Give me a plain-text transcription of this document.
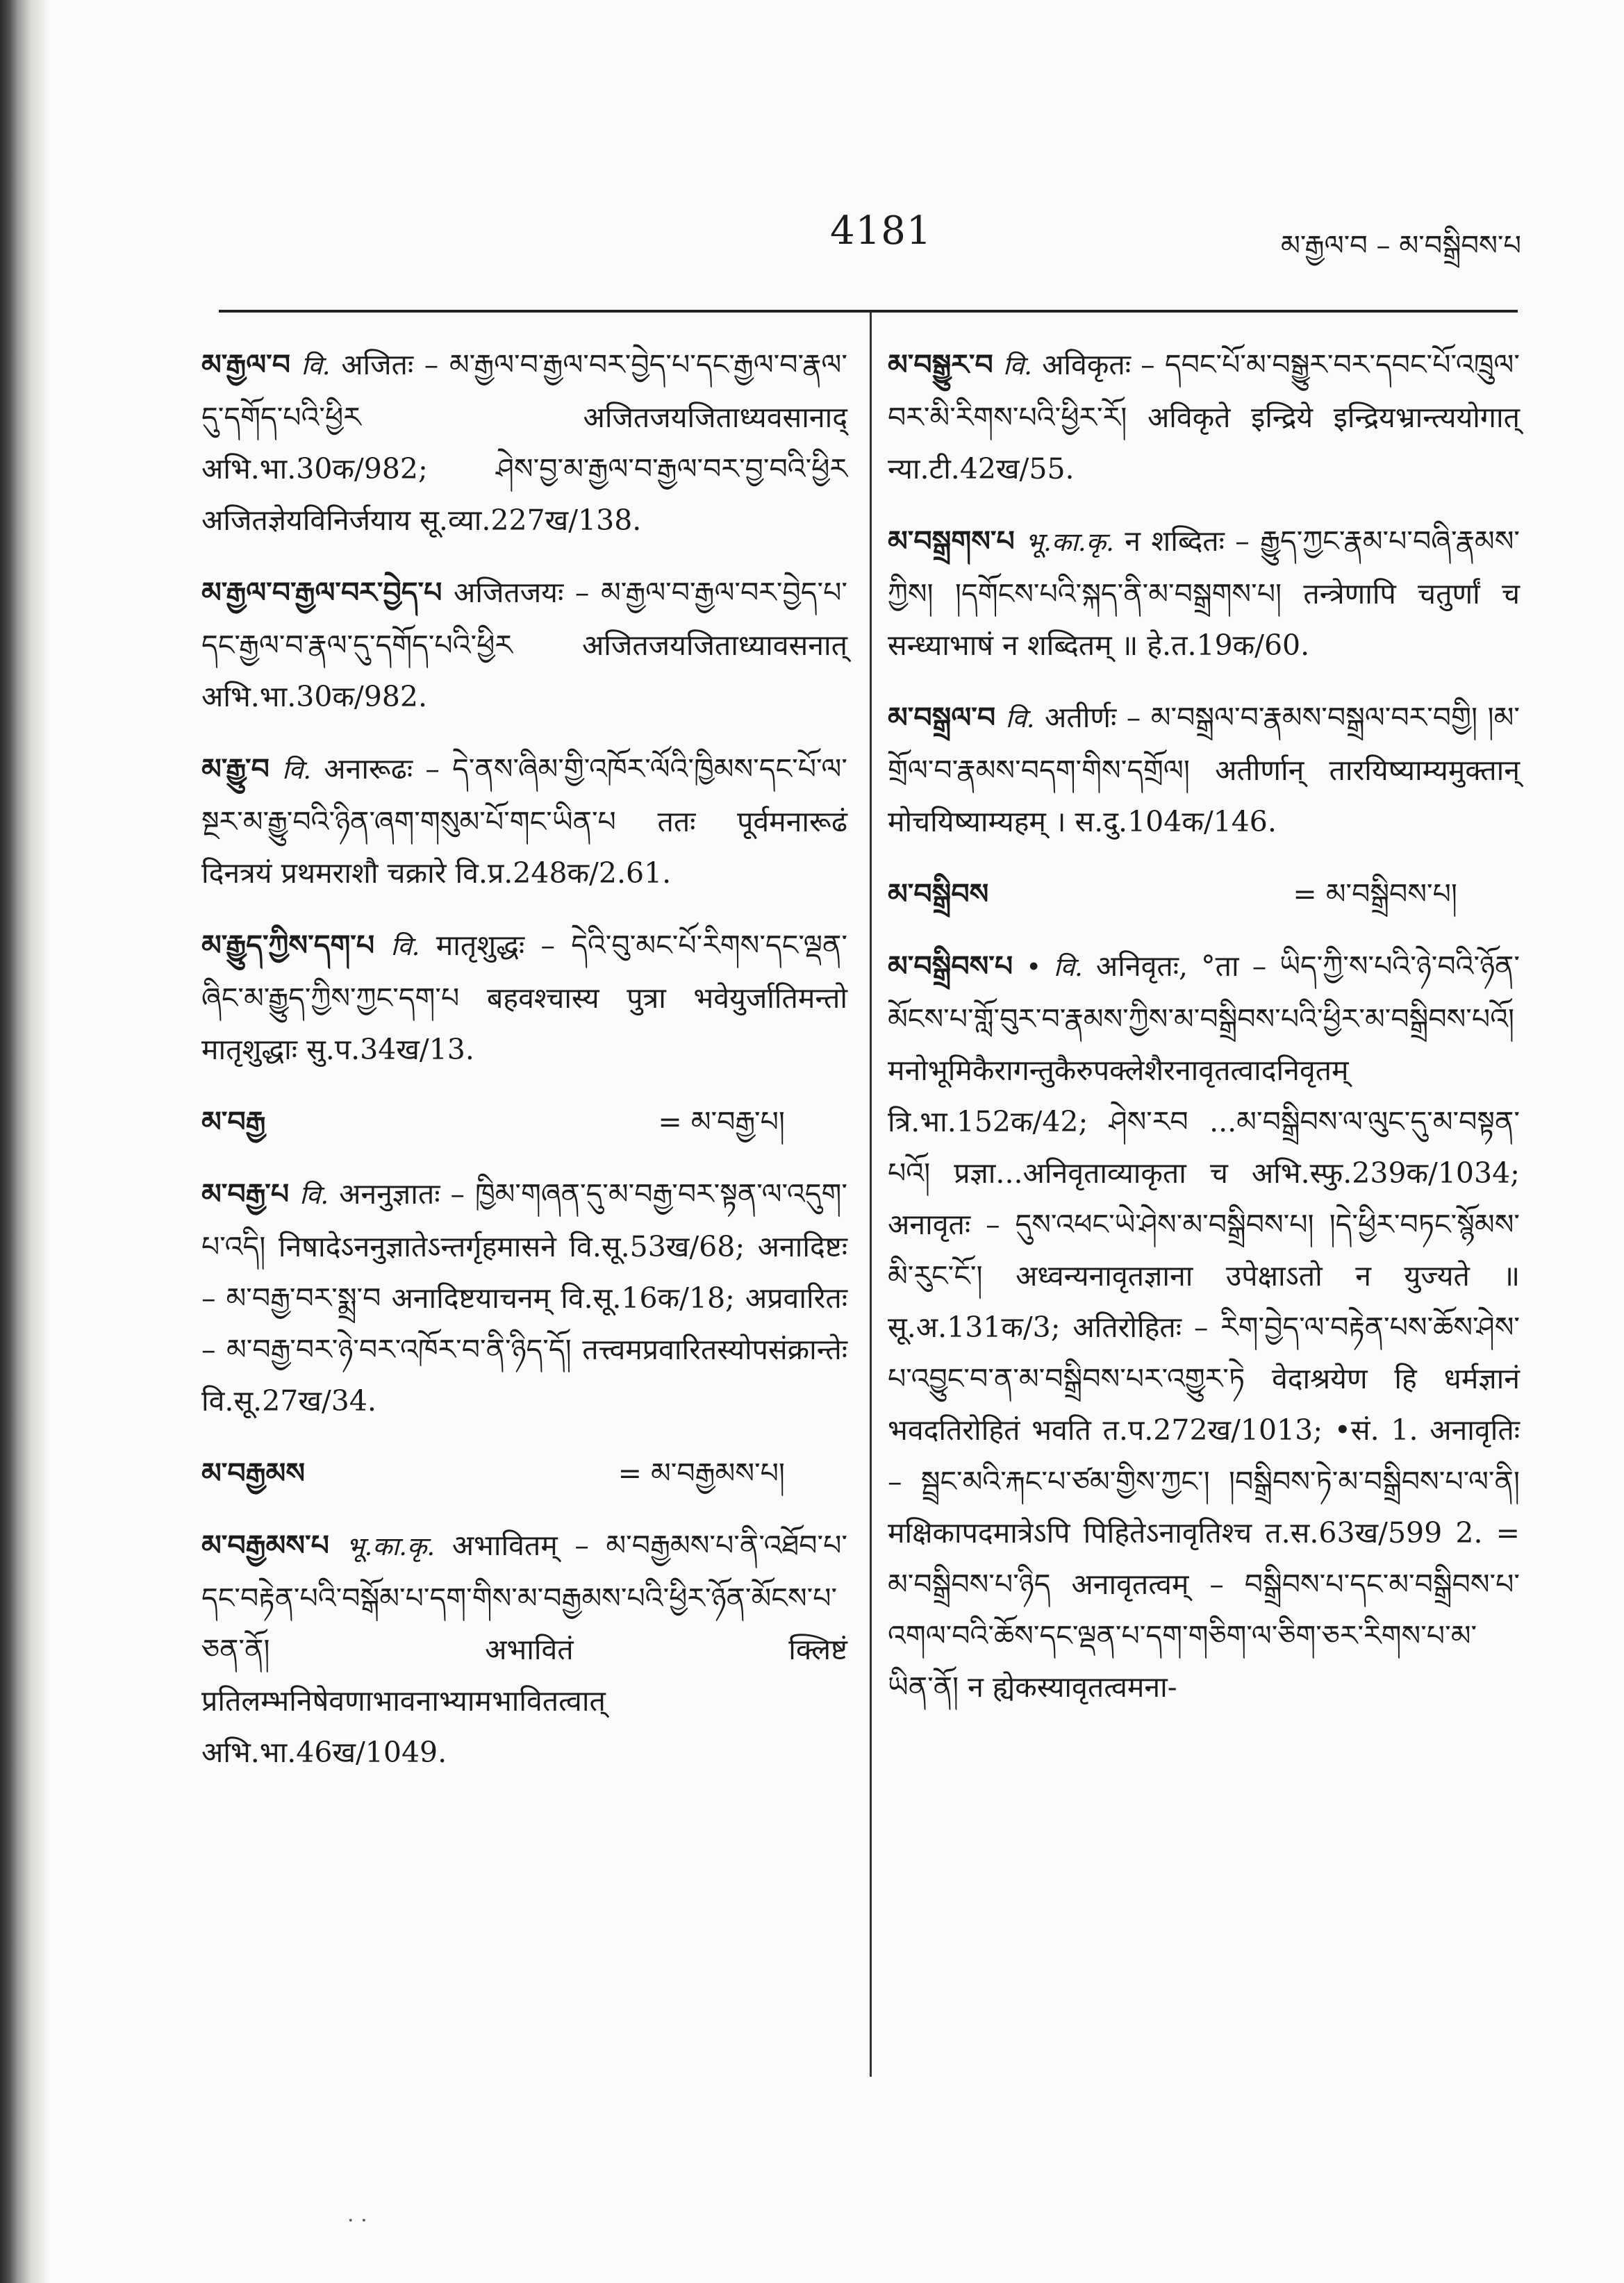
4181	མ་རྒྱལ་བ – མ་བསྒྲིབས་པ
མ་རྒྱལ་བ वि. अजितः – མ་རྒྱལ་བ་རྒྱལ་བར་བྱེད་པ་དང་རྒྱལ་བ་རྣལ་དུ་དགོད་པའི་ཕྱིར अजितजयजिताध्यवसानाद् अभि.भा.30क/982; ཤེས་བྱ་མ་རྒྱལ་བ་རྒྱལ་བར་བྱ་བའི་ཕྱིར अजितज्ञेयविनिर्जयाय सू.व्या.227ख/138.
མ་རྒྱལ་བ་རྒྱལ་བར་བྱེད་པ अजितजयः – མ་རྒྱལ་བ་རྒྱལ་བར་བྱེད་པ་དང་རྒྱལ་བ་རྣལ་དུ་དགོད་པའི་ཕྱིར अजितजयजिताध्यावसनात् अभि.भा.30क/982.
མ་རྒྱུ་བ वि. अनारूढः – དེ་ནས་ཞིམ་གྱི་འཁོར་ལོའི་ཁྱིམས་དང་པོ་ལ་སྔར་མ་རྒྱུ་བའི་ཉིན་ཞག་གསུམ་པོ་གང་ཡིན་པ ततः पूर्वमनारूढं दिनत्रयं प्रथमराशौ चक्रारे वि.प्र.248क/2.61.
མ་རྒྱུད་ཀྱིས་དག་པ वि. मातृशुद्धः – དེའི་བུ་མང་པོ་རིགས་དང་ལྡན་ཞིང་མ་རྒྱུད་ཀྱིས་ཀྱང་དག་པ बहवश्चास्य पुत्रा भवेयुर्जातिमन्तो मातृशुद्धाः सु.प.34ख/13.
མ་བརྒྱ	= མ་བརྒྱ་པ།
མ་བརྒྱ་པ वि. अननुज्ञातः – ཁྱིམ་གཞན་དུ་མ་བརྒྱ་བར་སྟན་ལ་འདུག་པ་འདི། निषादेऽननुज्ञातेऽन्तर्गृहमासने वि.सू.53ख/68; अनादिष्टः – མ་བརྒྱ་བར་སྨྲ་བ अनादिष्टयाचनम् वि.सू.16क/18; अप्रवारितः – མ་བརྒྱ་བར་ཉེ་བར་འཁོར་བ་ནི་ཉིད་དོ། तत्त्वमप्रवारितस्योपसंक्रान्तेः वि.सू.27ख/34.
མ་བརྒྱམས	= མ་བརྒྱམས་པ།
མ་བརྒྱམས་པ भू.का.कृ. अभावितम् – མ་བརྒྱམས་པ་ནི་འཐོབ་པ་དང་བརྟེན་པའི་བསྒོམ་པ་དག་གིས་མ་བརྒྱམས་པའི་ཕྱིར་ཉོན་མོངས་པ་ཅན་ནོ། अभावितं क्लिष्टं प्रतिलम्भनिषेवणाभावनाभ्यामभावितत्वात् अभि.भा.46ख/1049.
མ་བསྒྱུར་བ वि. अविकृतः – དབང་པོ་མ་བསྒྱུར་བར་དབང་པོ་འཁྲུལ་བར་མི་རིགས་པའི་ཕྱིར་རོ། अविकृते इन्द्रिये इन्द्रियभ्रान्त्ययोगात् न्या.टी.42ख/55.
མ་བསྒྲགས་པ भू.का.कृ. न शब्दितः – རྒྱུད་ཀྱང་རྣམ་པ་བཞི་རྣམས་ཀྱིས། །དགོངས་པའི་སྐད་ནི་མ་བསྒྲགས་པ། तन्त्रेणापि चतुर्णां च सन्ध्याभाषं न शब्दितम् ॥ हे.त.19क/60.
མ་བསྒྲལ་བ वि. अतीर्णः – མ་བསྒྲལ་བ་རྣམས་བསྒྲལ་བར་བགྱི། །མ་གྲོལ་བ་རྣམས་བདག་གིས་དགྲོལ། अतीर्णान् तारयिष्याम्यमुक्तान् मोचयिष्याम्यहम् । स.दु.104क/146.
མ་བསྒྲིབས	= མ་བསྒྲིབས་པ།
མ་བསྒྲིབས་པ • वि. अनिवृतः, °ता – ཡིད་ཀྱི་ས་པའི་ཉེ་བའི་ཉོན་མོངས་པ་གློ་བུར་བ་རྣམས་ཀྱིས་མ་བསྒྲིབས་པའི་ཕྱིར་མ་བསྒྲིབས་པའོ། मनोभूमिकैरागन्तुकैरुपक्लेशैरनावृतत्वादनिवृतम् त्रि.भा.152क/42; ཤེས་རབ ...མ་བསྒྲིབས་ལ་ལུང་དུ་མ་བསྟན་པའོ། प्रज्ञा...अनिवृताव्याकृता च अभि.स्फु.239क/1034; अनावृतः – དུས་འཕང་ཡེ་ཤེས་མ་བསྒྲིབས་པ། །དེ་ཕྱིར་བཏང་སྙོམས་མི་རུང་ངོ་། अध्वन्यनावृतज्ञाना उपेक्षाऽतो न युज्यते ॥ सू.अ.131क/3; अतिरोहितः – རིག་བྱེད་ལ་བརྟེན་པས་ཆོས་ཤེས་པ་འབྱུང་བ་ན་མ་བསྒྲིབས་པར་འགྱུར་ཏེ वेदाश्रयेण हि धर्मज्ञानं भवदतिरोहितं भवति त.प.272ख/1013; •सं. 1. अनावृतिः – སྦྲང་མའི་རྐང་པ་ཙམ་གྱིས་ཀྱང་། །བསྒྲིབས་ཏེ་མ་བསྒྲིབས་པ་ལ་ནི། मक्षिकापदमात्रेऽपि पिहितेऽनावृतिश्च त.स.63ख/599 2. = མ་བསྒྲིབས་པ་ཉིད अनावृतत्वम् – བསྒྲིབས་པ་དང་མ་བསྒྲིབས་པ་འགལ་བའི་ཆོས་དང་ལྡན་པ་དག་གཅིག་ལ་ཅིག་ཅར་རིགས་པ་མ་ཡིན་ནོ། न ह्येकस्यावृतत्वमना-
· ·
